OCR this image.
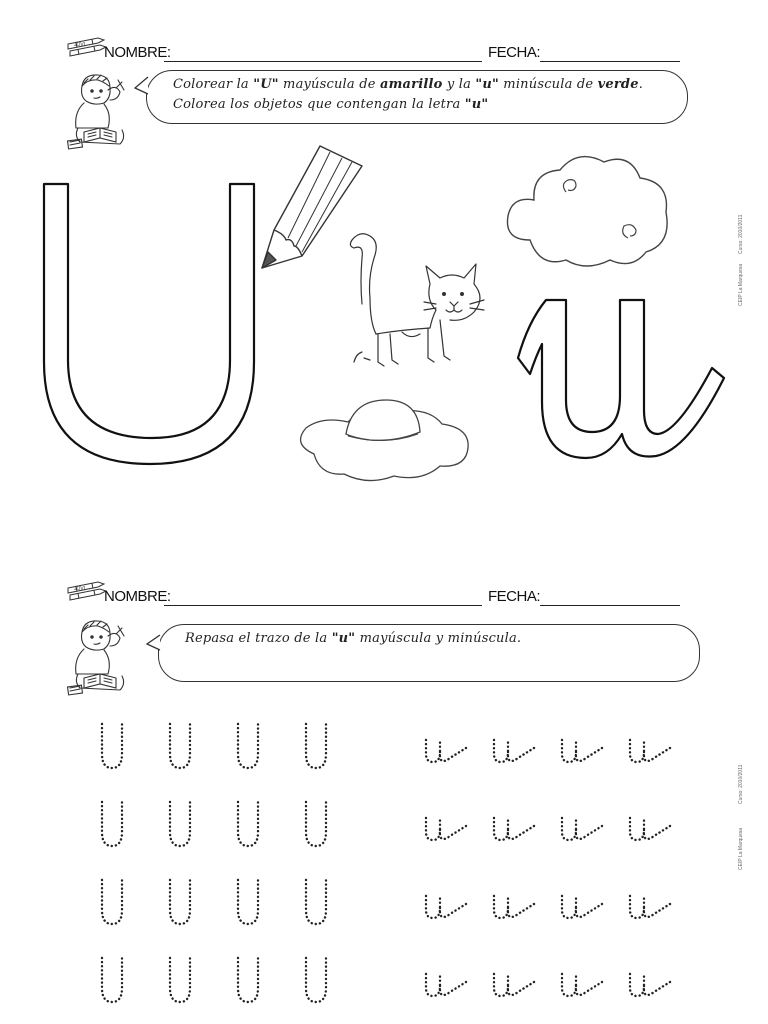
JOVI NOMBRE:	FECHA:
Colorear la "U" mayúscula de amarillo y la "u" minúscula de verde.
Colorea los objetos que contengan la letra "u"
CEIP La Marquesa
Curso: 2010/2011
JOVI NOMBRE:	FECHA:
Repasa el trazo de la "u" mayúscula y minúscula.
CEIP La Marquesa
Curso: 2010/2011
